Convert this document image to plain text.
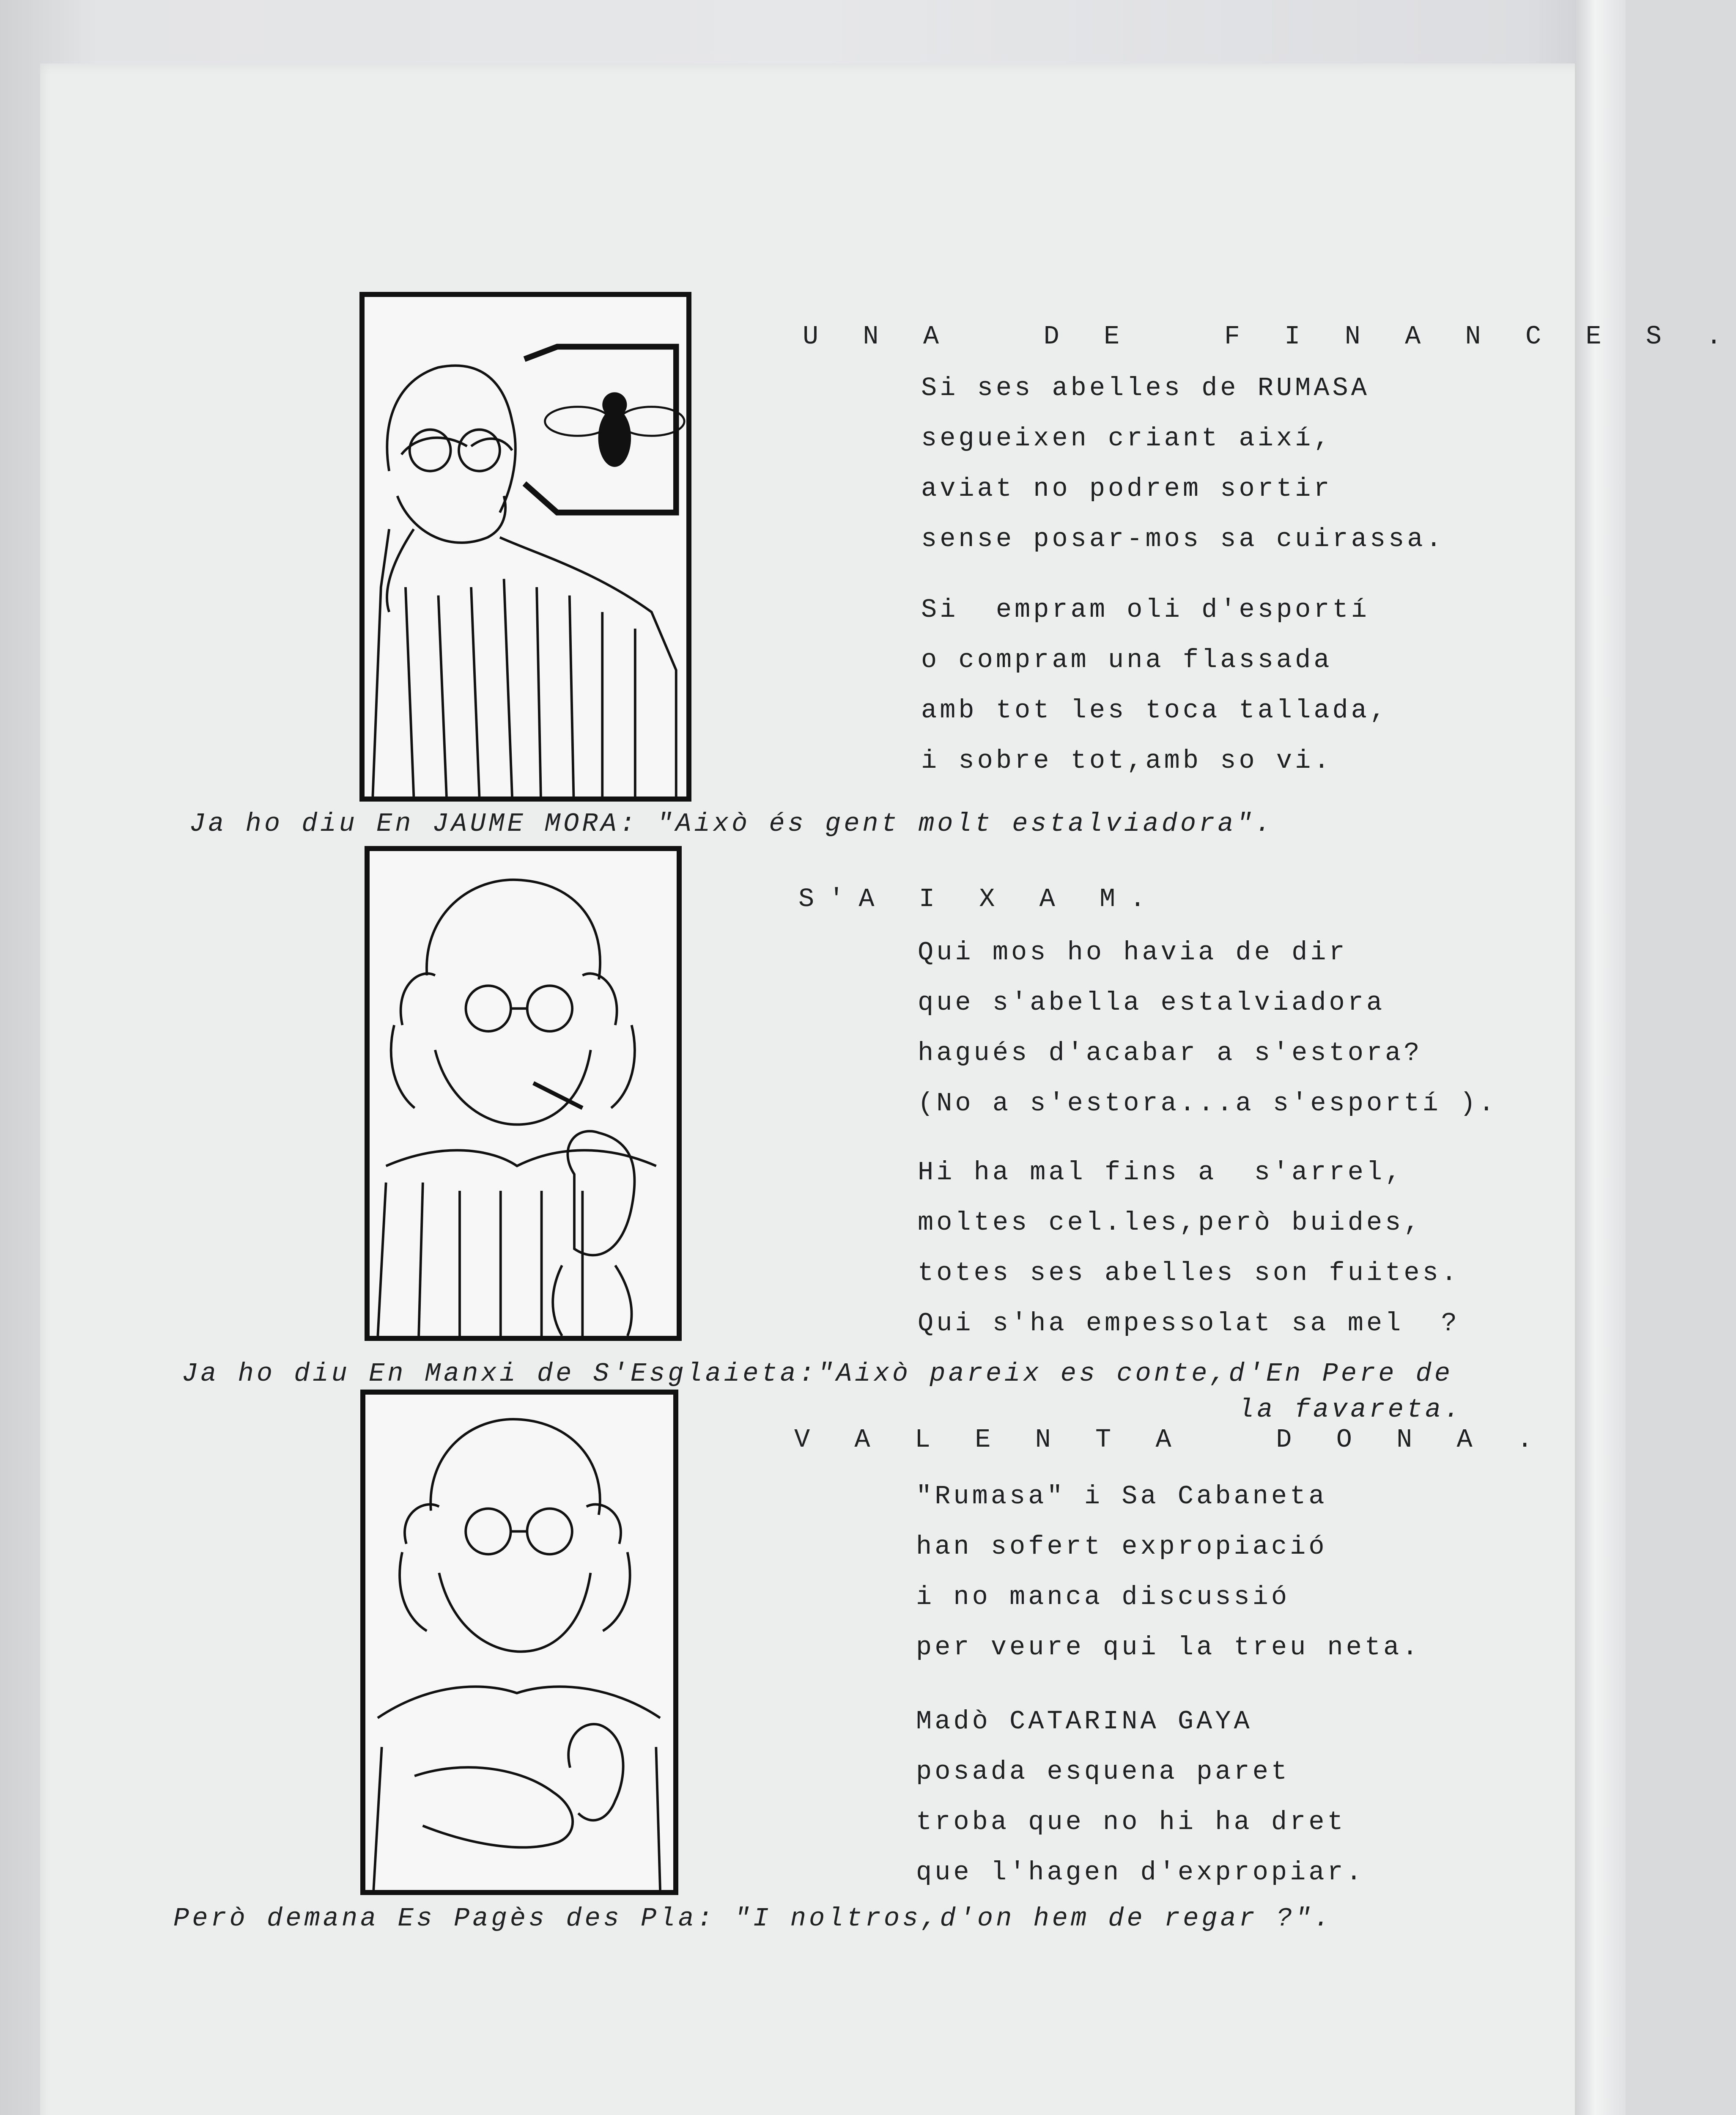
U N A   D E   F I N A N C E S .
Si ses abelles de RUMASA
segueixen criant així,
aviat no podrem sortir
sense posar-mos sa cuirassa.
Si  empram oli d'esportí
o compram una flassada
amb tot les toca tallada,
i sobre tot,amb so vi.
Ja ho diu En JAUME MORA: "Això és gent molt estalviadora".
S'A I X A M.
Qui mos ho havia de dir
que s'abella estalviadora
hagués d'acabar a s'estora?
(No a s'estora...a s'esportí ).
Hi ha mal fins a  s'arrel,
moltes cel.les,però buides,
totes ses abelles son fuites.
Qui s'ha empessolat sa mel  ?
Ja ho diu En Manxi de S'Esglaieta:"Això pareix es conte,d'En Pere de
la favareta.
V A L E N T A   D O N A .
"Rumasa" i Sa Cabaneta
han sofert expropiació
i no manca discussió
per veure qui la treu neta.
Madò CATARINA GAYA
posada esquena paret
troba que no hi ha dret
que l'hagen d'expropiar.
Però demana Es Pagès des Pla: "I noltros,d'on hem de regar ?".
